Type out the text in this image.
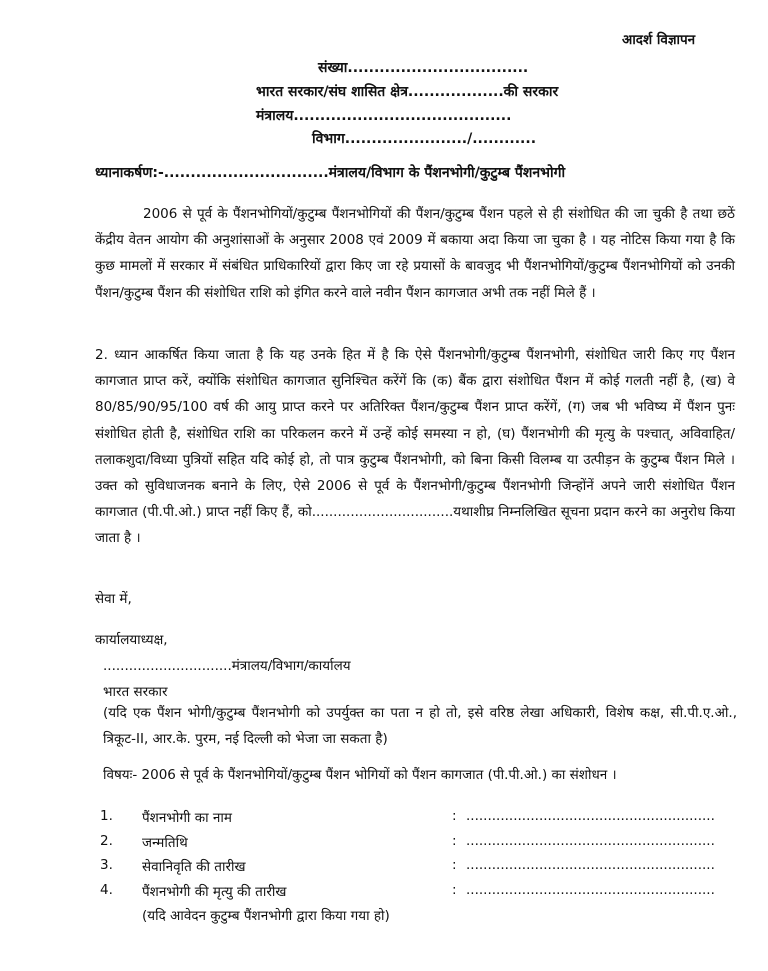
आदर्श विज्ञापन
संख्या..................................
भारत सरकार/संघ शासित क्षेत्र..................की सरकार
मंत्रालय.........................................
विभाग......................./............
ध्यानाकर्षण:-...............................मंत्रालय/विभाग के पैंशनभोगी/कुटुम्ब पैंशनभोगी
2006 से पूर्व के पैंशनभोगियों/कुटुम्ब पैंशनभोगियों की पैंशन/कुटुम्ब पैंशन पहले से ही संशोधित की जा चुकी है तथा छठें केंद्रीय वेतन आयोग की अनुशांसाओं के अनुसार 2008 एवं 2009 में बकाया अदा किया जा चुका है । यह नोटिस किया गया है कि कुछ मामलों में सरकार में संबंधित प्राधिकारियों द्वारा किए जा रहे प्रयासों के बावजुद भी पैंशनभोगियों/कुटुम्ब पैंशनभोगियों को उनकी पैंशन/कुटुम्ब पैंशन की संशोधित राशि को इंगित करने वाले नवीन पैंशन कागजात अभी तक नहीं मिले हैं ।
2. ध्यान आकर्षित किया जाता है कि यह उनके हित में है कि ऐसे पैंशनभोगी/कुटुम्ब पैंशनभोगी, संशोधित जारी किए गए पैंशन कागजात प्राप्त करें, क्योंकि संशोधित कागजात सुनिश्चित करेंगें कि (क) बैंक द्वारा संशोधित पैंशन में कोई गलती नहीं है, (ख) वे 80/85/90/95/100 वर्ष की आयु प्राप्त करने पर अतिरिक्त पैंशन/कुटुम्ब पैंशन प्राप्त करेंगें, (ग) जब भी भविष्य में पैंशन पुनः संशोधित होती है, संशोधित राशि का परिकलन करने में उन्हें कोई समस्या न हो, (घ) पैंशनभोगी की मृत्यु के पश्चात्, अविवाहित/तलाकशुदा/विध्या पुत्रियों सहित यदि कोई हो, तो पात्र कुटुम्ब पैंशनभोगी, को बिना किसी विलम्ब या उत्पीड़न के कुटुम्ब पैंशन मिले । उक्त को सुविधाजनक बनाने के लिए, ऐसे 2006 से पूर्व के पैंशनभोगी/कुटुम्ब पैंशनभोगी जिन्होंनें अपने जारी संशोधित पैंशन कागजात (पी.पी.ओ.) प्राप्त नहीं किए हैं, को.................................यथाशीघ्र निम्नलिखित सूचना प्रदान करने का अनुरोध किया जाता है ।
सेवा में,
कार्यालयाध्यक्ष,
..............................मंत्रालय/विभाग/कार्यालय
भारत सरकार
(यदि एक पैंशन भोगी/कुटुम्ब पैंशनभोगी को उपर्युक्त का पता न हो तो, इसे वरिष्ठ लेखा अधिकारी, विशेष कक्ष, सी.पी.ए.ओ., त्रिकूट-II, आर.के. पुरम, नई दिल्ली को भेजा जा सकता है)
विषयः- 2006 से पूर्व के पैंशनभोगियों/कुटुम्ब पैंशन भोगियों को पैंशन कागजात (पी.पी.ओ.) का संशोधन ।
1. पैंशनभोगी का नाम	: ..........................................................
2. जन्मतिथि	: ..........................................................
3. सेवानिवृति की तारीख	: ..........................................................
4. पैंशनभोगी की मृत्यु की तारीख	: ..........................................................
(यदि आवेदन कुटुम्ब पैंशनभोगी द्वारा किया गया हो)
